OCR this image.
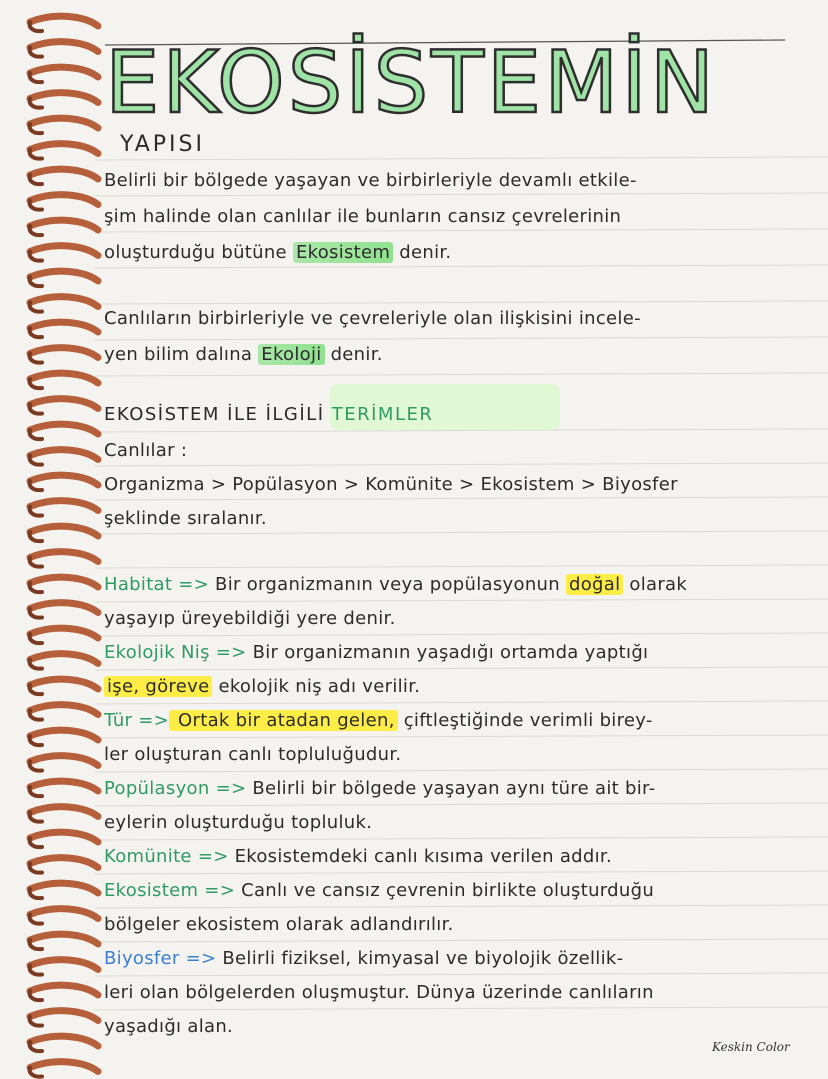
EKOSİSTEMİN
YAPISI
Belirli bir bölgede yaşayan ve birbirleriyle devamlı etkile-
şim halinde olan canlılar ile bunların cansız çevrelerinin
oluşturduğu bütüne Ekosistem denir.
Canlıların birbirleriyle ve çevreleriyle olan ilişkisini incele-
yen bilim dalına Ekoloji denir.
EKOSİSTEM İLE İLGİLİ TERİMLER
Canlılar :
Organizma > Popülasyon > Komünite > Ekosistem > Biyosfer
şeklinde sıralanır.
Habitat => Bir organizmanın veya popülasyonun doğal olarak
yaşayıp üreyebildiği yere denir.
Ekolojik Niş => Bir organizmanın yaşadığı ortamda yaptığı
işe, göreve ekolojik niş adı verilir.
Tür => Ortak bir atadan gelen, çiftleştiğinde verimli birey-
ler oluşturan canlı topluluğudur.
Popülasyon => Belirli bir bölgede yaşayan aynı türe ait bir-
eylerin oluşturduğu topluluk.
Komünite => Ekosistemdeki canlı kısıma verilen addır.
Ekosistem => Canlı ve cansız çevrenin birlikte oluşturduğu
bölgeler ekosistem olarak adlandırılır.
Biyosfer => Belirli fiziksel, kimyasal ve biyolojik özellik-
leri olan bölgelerden oluşmuştur. Dünya üzerinde canlıların
yaşadığı alan.
Keskin Color
